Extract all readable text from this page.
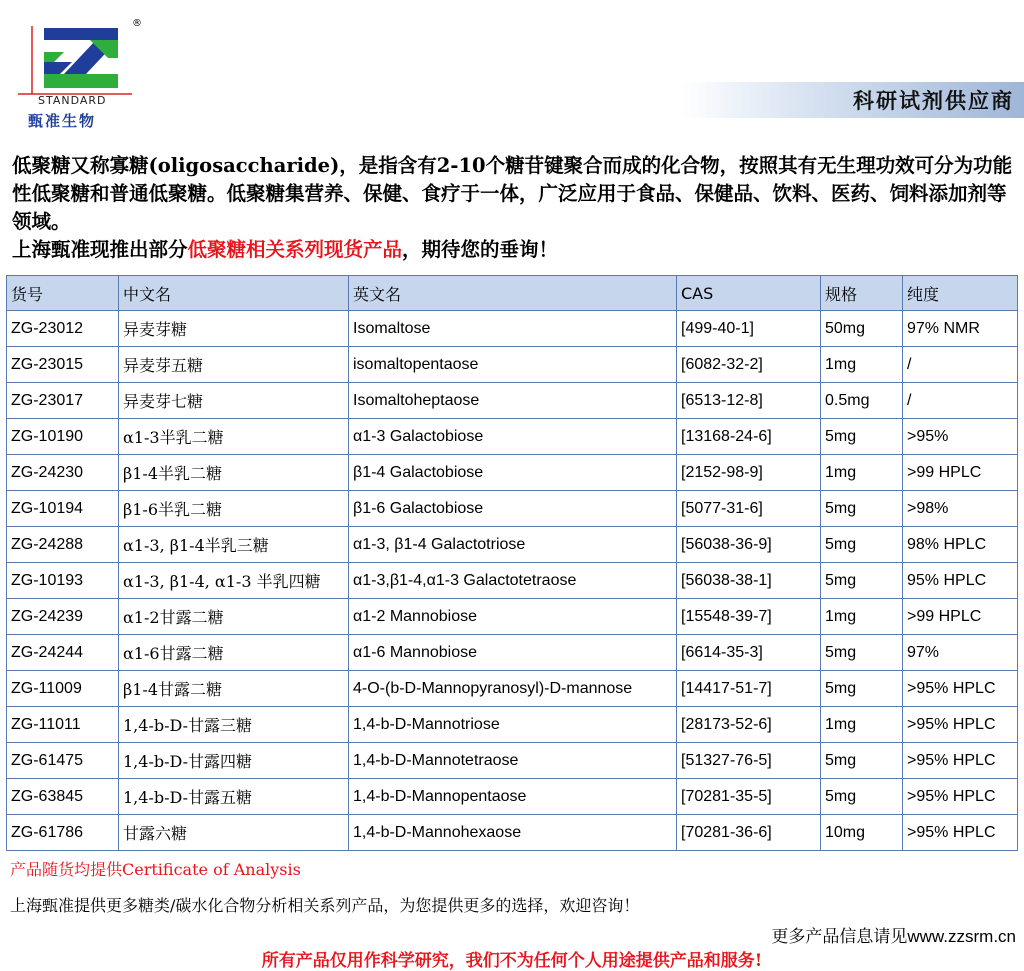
®
STANDARD
甄准生物
科研试剂供应商
低聚糖又称寡糖(oligosaccharide)，是指含有2-10个糖苷键聚合而成的化合物，按照其有无生理功效可分为功能性低聚糖和普通低聚糖。低聚糖集营养、保健、食疗于一体，广泛应用于食品、保健品、饮料、医药、饲料添加剂等领域。
上海甄准现推出部分低聚糖相关系列现货产品，期待您的垂询！
货号	中文名	英文名	CAS	规格	纯度
ZG-23012	异麦芽糖	Isomaltose	[499-40-1]	50mg	97% NMR
ZG-23015	异麦芽五糖	isomaltopentaose	[6082-32-2]	1mg	/
ZG-23017	异麦芽七糖	Isomaltoheptaose	[6513-12-8]	0.5mg	/
ZG-10190	α1-3半乳二糖	α1-3 Galactobiose	[13168-24-6]	5mg	>95%
ZG-24230	β1-4半乳二糖	β1-4 Galactobiose	[2152-98-9]	1mg	>99 HPLC
ZG-10194	β1-6半乳二糖	β1-6 Galactobiose	[5077-31-6]	5mg	>98%
ZG-24288	α1-3, β1-4半乳三糖	α1-3, β1-4 Galactotriose	[56038-36-9]	5mg	98% HPLC
ZG-10193	α1-3, β1-4, α1-3 半乳四糖	α1-3,β1-4,α1-3 Galactotetraose	[56038-38-1]	5mg	95% HPLC
ZG-24239	α1-2甘露二糖	α1-2 Mannobiose	[15548-39-7]	1mg	>99 HPLC
ZG-24244	α1-6甘露二糖	α1-6 Mannobiose	[6614-35-3]	5mg	97%
ZG-11009	β1-4甘露二糖	4-O-(b-D-Mannopyranosyl)-D-mannose	[14417-51-7]	5mg	>95% HPLC
ZG-11011	1,4-b-D-甘露三糖	1,4-b-D-Mannotriose	[28173-52-6]	1mg	>95% HPLC
ZG-61475	1,4-b-D-甘露四糖	1,4-b-D-Mannotetraose	[51327-76-5]	5mg	>95% HPLC
ZG-63845	1,4-b-D-甘露五糖	1,4-b-D-Mannopentaose	[70281-35-5]	5mg	>95% HPLC
ZG-61786	甘露六糖	1,4-b-D-Mannohexaose	[70281-36-6]	10mg	>95% HPLC
产品随货均提供Certificate of Analysis
上海甄准提供更多糖类/碳水化合物分析相关系列产品，为您提供更多的选择，欢迎咨询！
更多产品信息请见www.zzsrm.cn
所有产品仅用作科学研究，我们不为任何个人用途提供产品和服务!
